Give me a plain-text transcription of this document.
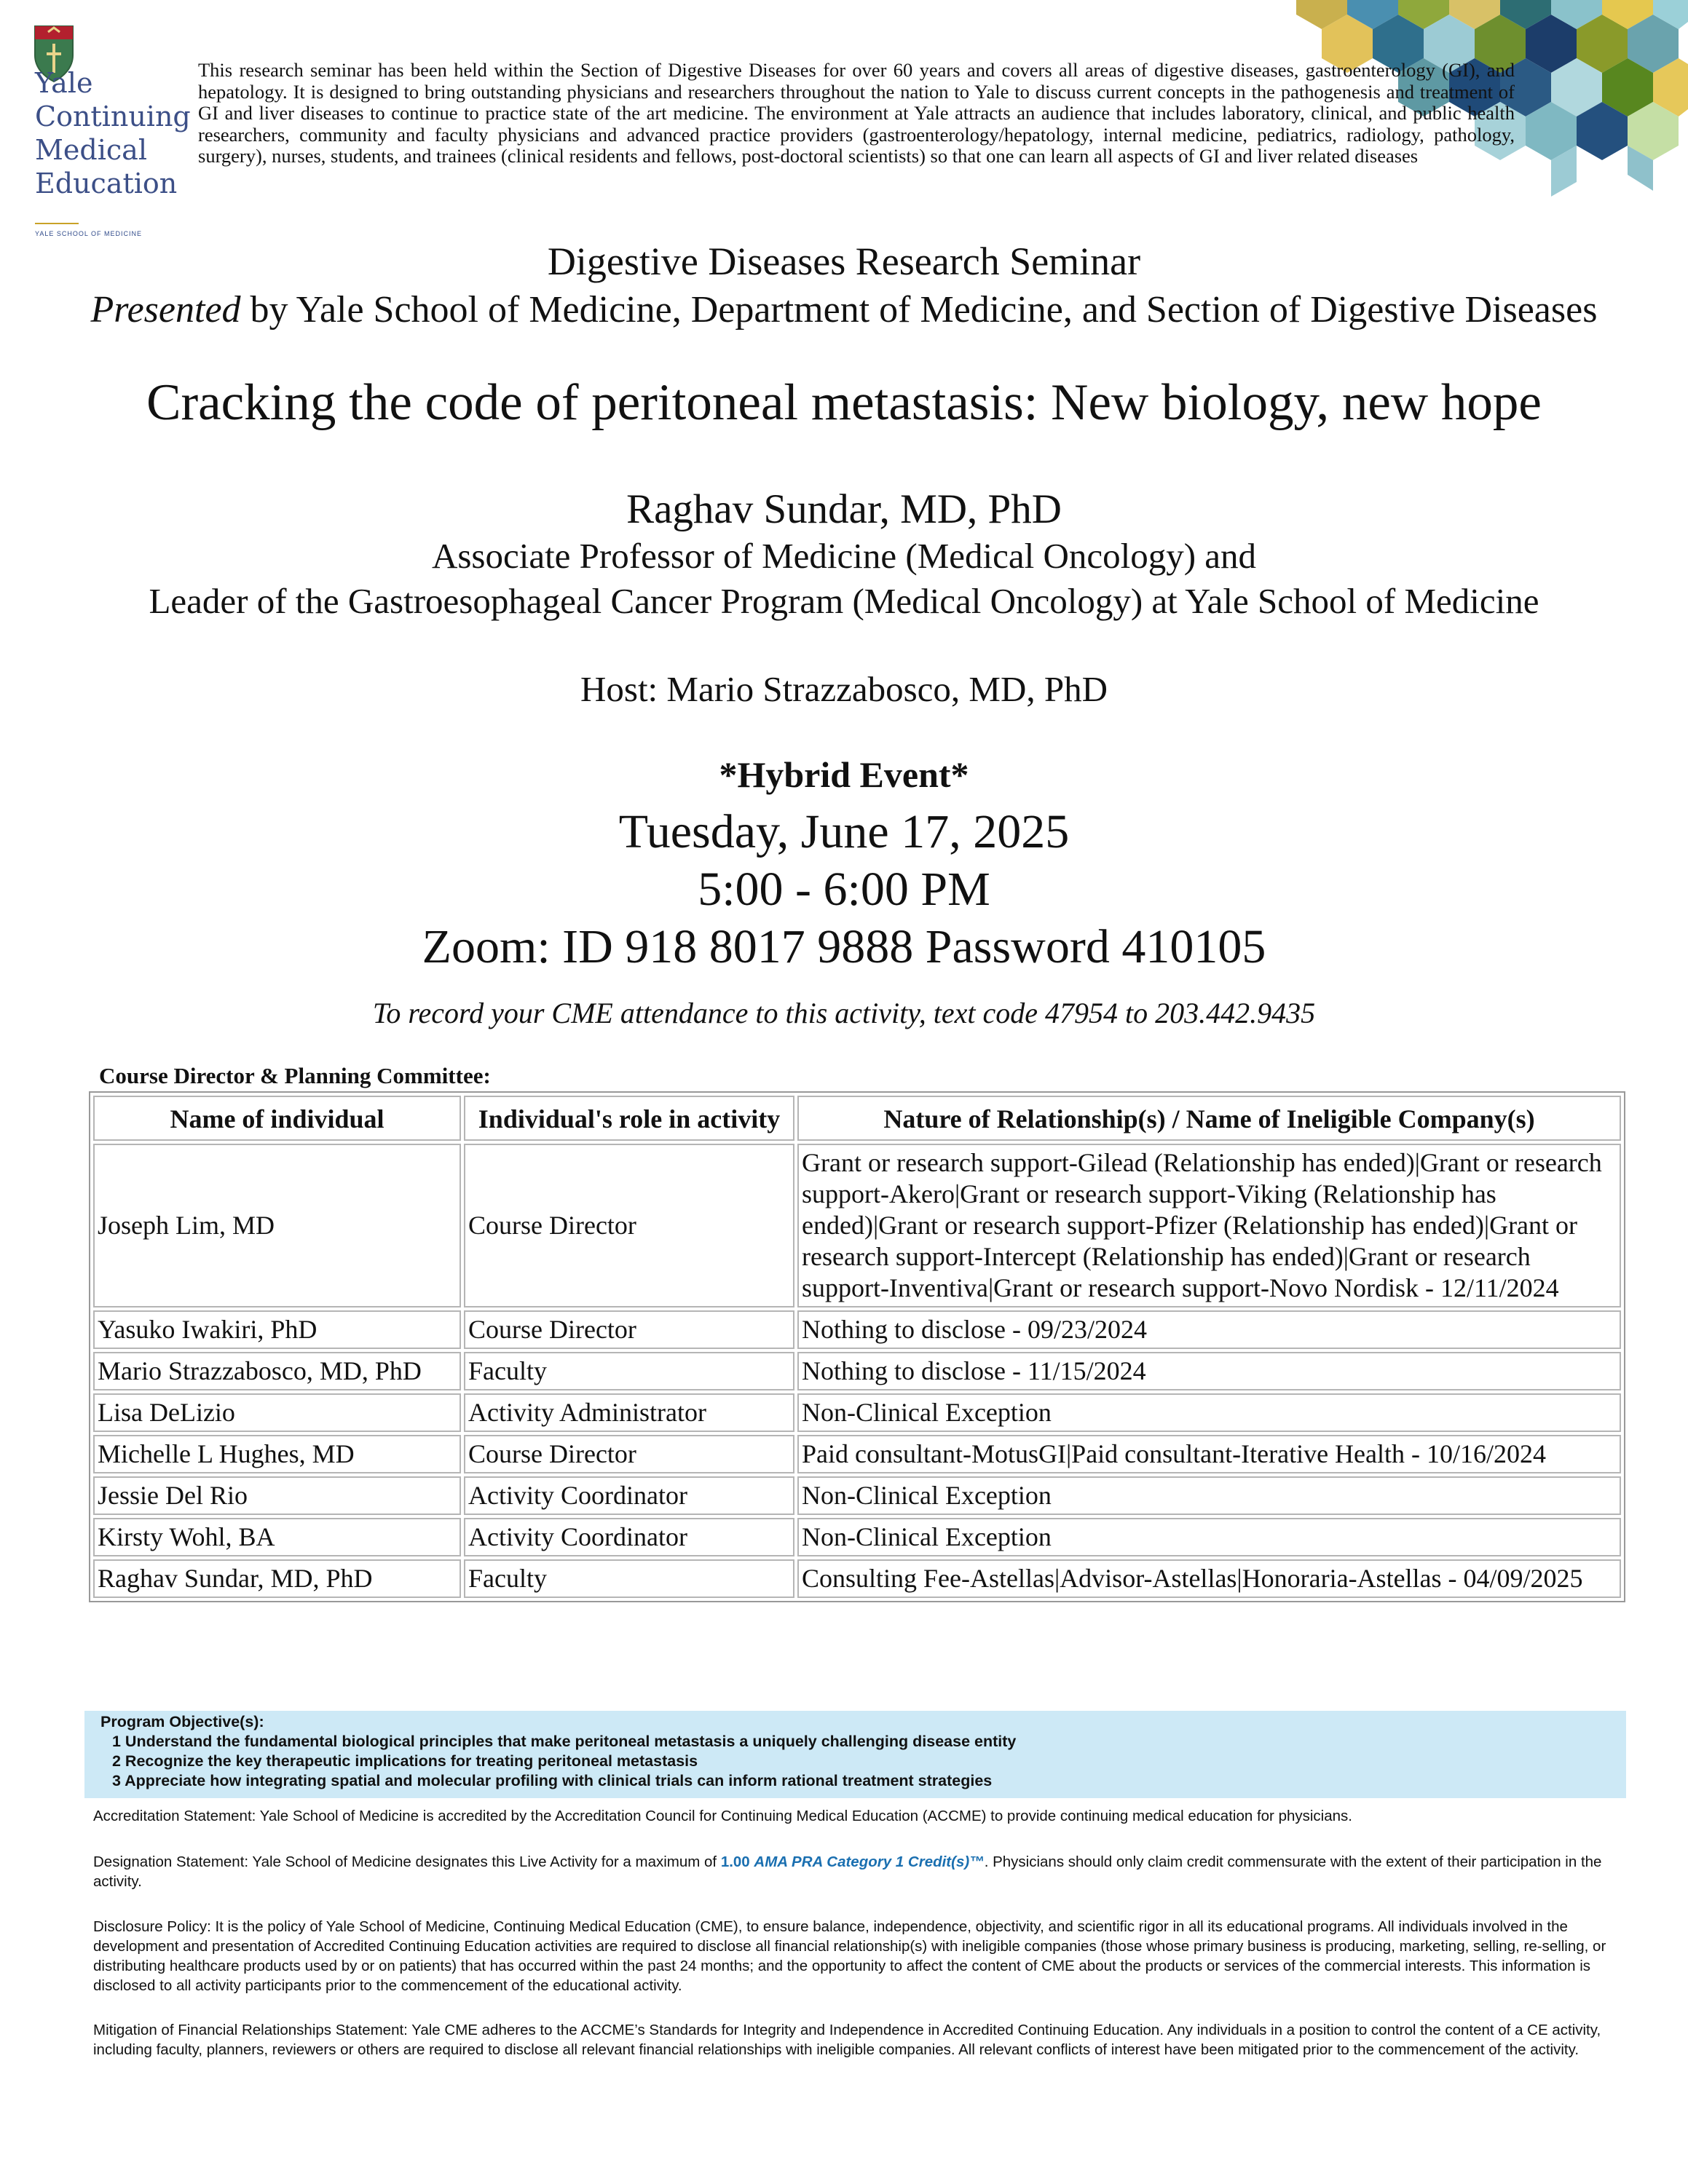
Yale
Continuing
Medical
Education
YALE SCHOOL OF MEDICINE
This research seminar has been held within the Section of Digestive Diseases for over 60 years and covers all areas of digestive diseases, gastroenterology (GI), and hepatology. It is designed to bring outstanding physicians and researchers throughout the nation to Yale to discuss current concepts in the pathogenesis and treatment of GI and liver diseases to continue to practice state of the art medicine. The environment at Yale attracts an audience that includes laboratory, clinical, and public health researchers, community and faculty physicians and advanced practice providers (gastroenterology/hepatology, internal medicine, pediatrics, radiology, pathology, surgery), nurses, students, and trainees (clinical residents and fellows, post-doctoral scientists) so that one can learn all aspects of GI and liver related diseases
Digestive Diseases Research Seminar
Presented by Yale School of Medicine, Department of Medicine, and Section of Digestive Diseases
Cracking the code of peritoneal metastasis: New biology, new hope
Raghav Sundar, MD, PhD
Associate Professor of Medicine (Medical Oncology) and
Leader of the Gastroesophageal Cancer Program (Medical Oncology) at Yale School of Medicine
Host: Mario Strazzabosco, MD, PhD
*Hybrid Event*
Tuesday, June 17, 2025
5:00 - 6:00 PM
Zoom: ID 918 8017 9888 Password 410105
To record your CME attendance to this activity, text code 47954 to 203.442.9435
Course Director & Planning Committee:
Name of individual	Individual's role in activity	Nature of Relationship(s) / Name of Ineligible Company(s)
Joseph Lim, MD	Course Director	Grant or research support-Gilead (Relationship has ended)|Grant or research support-Akero|Grant or research support-Viking (Relationship has ended)|Grant or research support-Pfizer (Relationship has ended)|Grant or research support-Intercept (Relationship has ended)|Grant or research support-Inventiva|Grant or research support-Novo Nordisk - 12/11/2024
Yasuko Iwakiri, PhD	Course Director	Nothing to disclose - 09/23/2024
Mario Strazzabosco, MD, PhD	Faculty	Nothing to disclose - 11/15/2024
Lisa DeLizio	Activity Administrator	Non-Clinical Exception
Michelle L Hughes, MD	Course Director	Paid consultant-MotusGI|Paid consultant-Iterative Health - 10/16/2024
Jessie Del Rio	Activity Coordinator	Non-Clinical Exception
Kirsty Wohl, BA	Activity Coordinator	Non-Clinical Exception
Raghav Sundar, MD, PhD	Faculty	Consulting Fee-Astellas|Advisor-Astellas|Honoraria-Astellas - 04/09/2025
Program Objective(s):
1 Understand the fundamental biological principles that make peritoneal metastasis a uniquely challenging disease entity
2 Recognize the key therapeutic implications for treating peritoneal metastasis
3 Appreciate how integrating spatial and molecular profiling with clinical trials can inform rational treatment strategies
Accreditation Statement: Yale School of Medicine is accredited by the Accreditation Council for Continuing Medical Education (ACCME) to provide continuing medical education for physicians.
Designation Statement: Yale School of Medicine designates this Live Activity for a maximum of 1.00 AMA PRA Category 1 Credit(s)™. Physicians should only claim credit commensurate with the extent of their participation in the activity.
Disclosure Policy: It is the policy of Yale School of Medicine, Continuing Medical Education (CME), to ensure balance, independence, objectivity, and scientific rigor in all its educational programs. All individuals involved in the development and presentation of Accredited Continuing Education activities are required to disclose all financial relationship(s) with ineligible companies (those whose primary business is producing, marketing, selling, re-selling, or distributing healthcare products used by or on patients) that has occurred within the past 24 months; and the opportunity to affect the content of CME about the products or services of the commercial interests. This information is disclosed to all activity participants prior to the commencement of the educational activity.
Mitigation of Financial Relationships Statement: Yale CME adheres to the ACCME’s Standards for Integrity and Independence in Accredited Continuing Education. Any individuals in a position to control the content of a CE activity, including faculty, planners, reviewers or others are required to disclose all relevant financial relationships with ineligible companies. All relevant conflicts of interest have been mitigated prior to the commencement of the activity.
